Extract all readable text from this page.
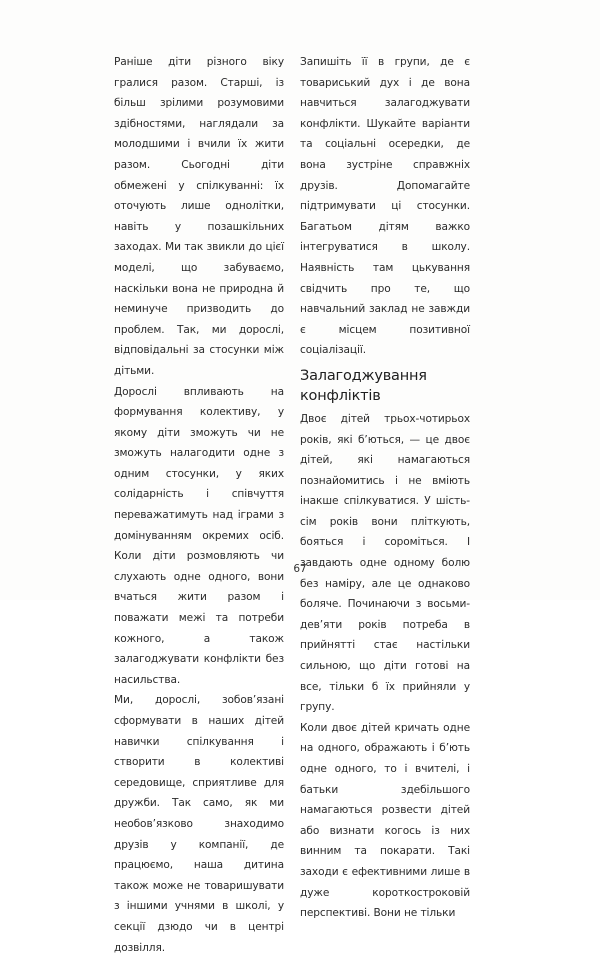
Раніше діти різного віку гралися разом. Старші, із більш зрілими розумовими здібностями, наглядали за молодшими і вчили їх жити разом. Сьогодні діти обмежені у спілкуванні: їх оточують лише однолітки, навіть у позашкільних заходах. Ми так звикли до цієї моделі, що забуваємо, наскільки вона не природна й неминуче призводить до проблем. Так, ми дорослі, відповідальні за стосунки між дітьми.

Дорослі впливають на формування колективу, у якому діти зможуть чи не зможуть налагодити одне з одним стосунки, у яких солідарність і співчуття переважатимуть над іграми з домінуванням окремих осіб. Коли діти розмовляють чи слухають одне одного, вони вчаться жити разом і поважати межі та потреби кожного, а також залагоджувати конфлікти без насильства.

Ми, дорослі, зобов’язані сформувати в наших дітей навички спілкування і створити в колективі середовище, сприятливе для дружби. Так само, як ми необов’язково знаходимо друзів у компанії, де працюємо, наша дитина також може не товаришувати з іншими учнями в школі, у секції дзюдо чи в центрі дозвілля.

Запишіть її в групи, де є товариський дух і де вона навчиться залагоджувати конфлікти. Шукайте варіанти та соціальні осередки, де вона зустріне справжніх друзів. Допомагайте підтримувати ці стосунки. Багатьом дітям важко інтегруватися в школу. Наявність там цькування свідчить про те, що навчальний заклад не завжди є місцем позитивної соціалізації.

Залагоджування конфліктів

Двоє дітей трьох-чотирьох років, які б’ються, — це двоє дітей, які намагаються познайомитись і не вміють інакше спілкуватися. У шість-сім років вони пліткують, бояться і сороміться. І завдають одне одному болю без наміру, але це однаково боляче. Починаючи з восьми-дев’яти років потреба в прийнятті стає настільки сильною, що діти готові на все, тільки б їх прийняли у групу.

Коли двоє дітей кричать одне на одного, ображають і б’ють одне одного, то і вчителі, і батьки здебільшого намагаються розвести дітей або визнати когось із них винним та покарати. Такі заходи є ефективними лише в дуже короткостроковій перспективі. Вони не тільки

67
